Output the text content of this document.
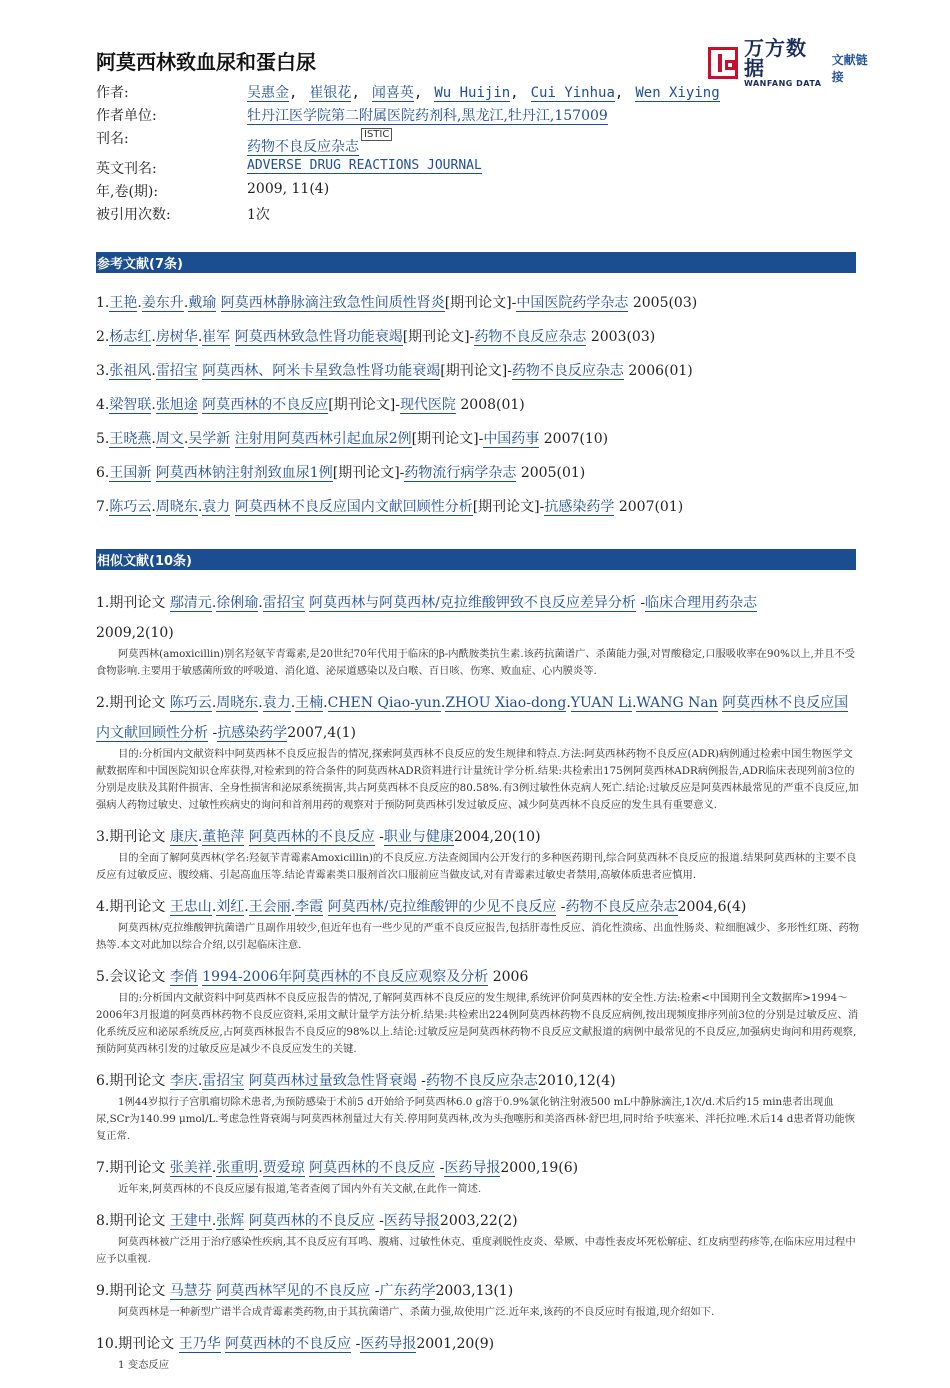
阿莫西林致血尿和蛋白尿
万方数据
WANFANG DATA
文献链接
作者:	吴惠金, 崔银花, 闻喜英, Wu Huijin, Cui Yinhua, Wen Xiying
作者单位:	牡丹江医学院第二附属医院药剂科,黑龙江,牡丹江,157009
刊名:	药物不良反应杂志ISTIC
英文刊名:	ADVERSE DRUG REACTIONS JOURNAL
年,卷(期):	2009, 11(4)
被引用次数:	1次
参考文献(7条)
1.王艳.姜东升.戴瑜 阿莫西林静脉滴注致急性间质性肾炎[期刊论文]-中国医院药学杂志 2005(03)
2.杨志红.房树华.崔军 阿莫西林致急性肾功能衰竭[期刊论文]-药物不良反应杂志 2003(03)
3.张祖风.雷招宝 阿莫西林、阿米卡星致急性肾功能衰竭[期刊论文]-药物不良反应杂志 2006(01)
4.梁智联.张旭途 阿莫西林的不良反应[期刊论文]-现代医院 2008(01)
5.王晓燕.周文.吴学新 注射用阿莫西林引起血尿2例[期刊论文]-中国药事 2007(10)
6.王国新 阿莫西林钠注射剂致血尿1例[期刊论文]-药物流行病学杂志 2005(01)
7.陈巧云.周晓东.袁力 阿莫西林不良反应国内文献回顾性分析[期刊论文]-抗感染药学 2007(01)
相似文献(10条)
1.期刊论文 鄢清元.徐俐瑜.雷招宝 阿莫西林与阿莫西林/克拉维酸钾致不良反应差异分析 -临床合理用药杂志
2009,2(10)
阿莫西林(amoxicillin)别名羟氨苄青霉素,是20世纪70年代用于临床的β-内酰胺类抗生素.该药抗菌谱广、杀菌能力强,对胃酸稳定,口服吸收率在90%以上,并且不受食物影响.主要用于敏感菌所致的呼吸道、消化道、泌尿道感染以及白喉、百日咳、伤寒、败血症、心内膜炎等.
2.期刊论文 陈巧云.周晓东.袁力.王楠.CHEN Qiao-yun.ZHOU Xiao-dong.YUAN Li.WANG Nan 阿莫西林不良反应国内文献回顾性分析 -抗感染药学2007,4(1)
目的:分析国内文献资料中阿莫西林不良反应报告的情况,探索阿莫西林不良反应的发生规律和特点.方法:阿莫西林药物不良反应(ADR)病例通过检索中国生物医学文献数据库和中国医院知识仓库获得,对检索到的符合条件的阿莫西林ADR资料进行计量统计学分析.结果:共检索出175例阿莫西林ADR病例报告,ADR临床表现列前3位的分别是皮肤及其附件损害、全身性损害和泌尿系统损害,共占阿莫西林不良反应的80.58%.有3例过敏性休克病人死亡.结论:过敏反应是阿莫西林最常见的严重不良反应,加强病人药物过敏史、过敏性疾病史的询问和首剂用药的观察对于预防阿莫西林引发过敏反应、减少阿莫西林不良反应的发生具有重要意义.
3.期刊论文 康庆.董艳萍 阿莫西林的不良反应 -职业与健康2004,20(10)
目的全面了解阿莫西林(学名:羟氨苄青霉素Amoxicillin)的不良反应.方法查阅国内公开发行的多种医药期刊,综合阿莫西林不良反应的报道.结果阿莫西林的主要不良反应有过敏反应、腹绞痛、引起高血压等.结论青霉素类口服剂首次口服前应当做皮试,对有青霉素过敏史者禁用,高敏体质患者应慎用.
4.期刊论文 王忠山.刘红.王会丽.李霞 阿莫西林/克拉维酸钾的少见不良反应 -药物不良反应杂志2004,6(4)
阿莫西林/克拉维酸钾抗菌谱广且副作用较少,但近年也有一些少见的严重不良反应报告,包括肝毒性反应、消化性溃疡、出血性肠炎、粒细胞减少、多形性红斑、药物热等.本文对此加以综合介绍,以引起临床注意.
5.会议论文 李俏 1994-2006年阿莫西林的不良反应观察及分析 2006
目的:分析国内文献资料中阿莫西林不良反应报告的情况,了解阿莫西林不良反应的发生规律,系统评价阿莫西林的安全性.方法:检索<中国期刊全文数据库>1994～2006年3月报道的阿莫西林药物不良反应资料,采用文献计量学方法分析.结果:共检索出224例阿莫西林药物不良反应病例,按出现频度排序列前3位的分别是过敏反应、消化系统反应和泌尿系统反应,占阿莫西林报告不良反应的98%以上.结论:过敏反应是阿莫西林药物不良反应文献报道的病例中最常见的不良反应,加强病史询问和用药观察,预防阿莫西林引发的过敏反应是减少不良反应发生的关键.
6.期刊论文 李庆.雷招宝 阿莫西林过量致急性肾衰竭 -药物不良反应杂志2010,12(4)
1例44岁拟行子宫肌瘤切除术患者,为预防感染于术前5 d开始给予阿莫西林6.0 g溶于0.9%氯化钠注射液500 mL中静脉滴注,1次/d.术后约15 min患者出现血尿,SCr为140.99 μmol/L.考虑急性肾衰竭与阿莫西林剂量过大有关.停用阿莫西林,改为头孢噻肟和美洛西林·舒巴坦,同时给予呋塞米、泮托拉唑.术后14 d患者肾功能恢复正常.
7.期刊论文 张美祥.张重明.贾爱琼 阿莫西林的不良反应 -医药导报2000,19(6)
近年来,阿莫西林的不良反应屡有报道,笔者查阅了国内外有关文献,在此作一简述.
8.期刊论文 王建中.张辉 阿莫西林的不良反应 -医药导报2003,22(2)
阿莫西林被广泛用于治疗感染性疾病,其不良反应有耳鸣、腹痛、过敏性休克、重度剥脱性皮炎、晕厥、中毒性表皮坏死松解症、红皮病型药疹等,在临床应用过程中应予以重视.
9.期刊论文 马慧芬 阿莫西林罕见的不良反应 -广东药学2003,13(1)
阿莫西林是一种新型广谱半合成青霉素类药物,由于其抗菌谱广、杀菌力强,故使用广泛.近年来,该药的不良反应时有报道,现介绍如下.
10.期刊论文 王乃华 阿莫西林的不良反应 -医药导报2001,20(9)
1 变态反应
